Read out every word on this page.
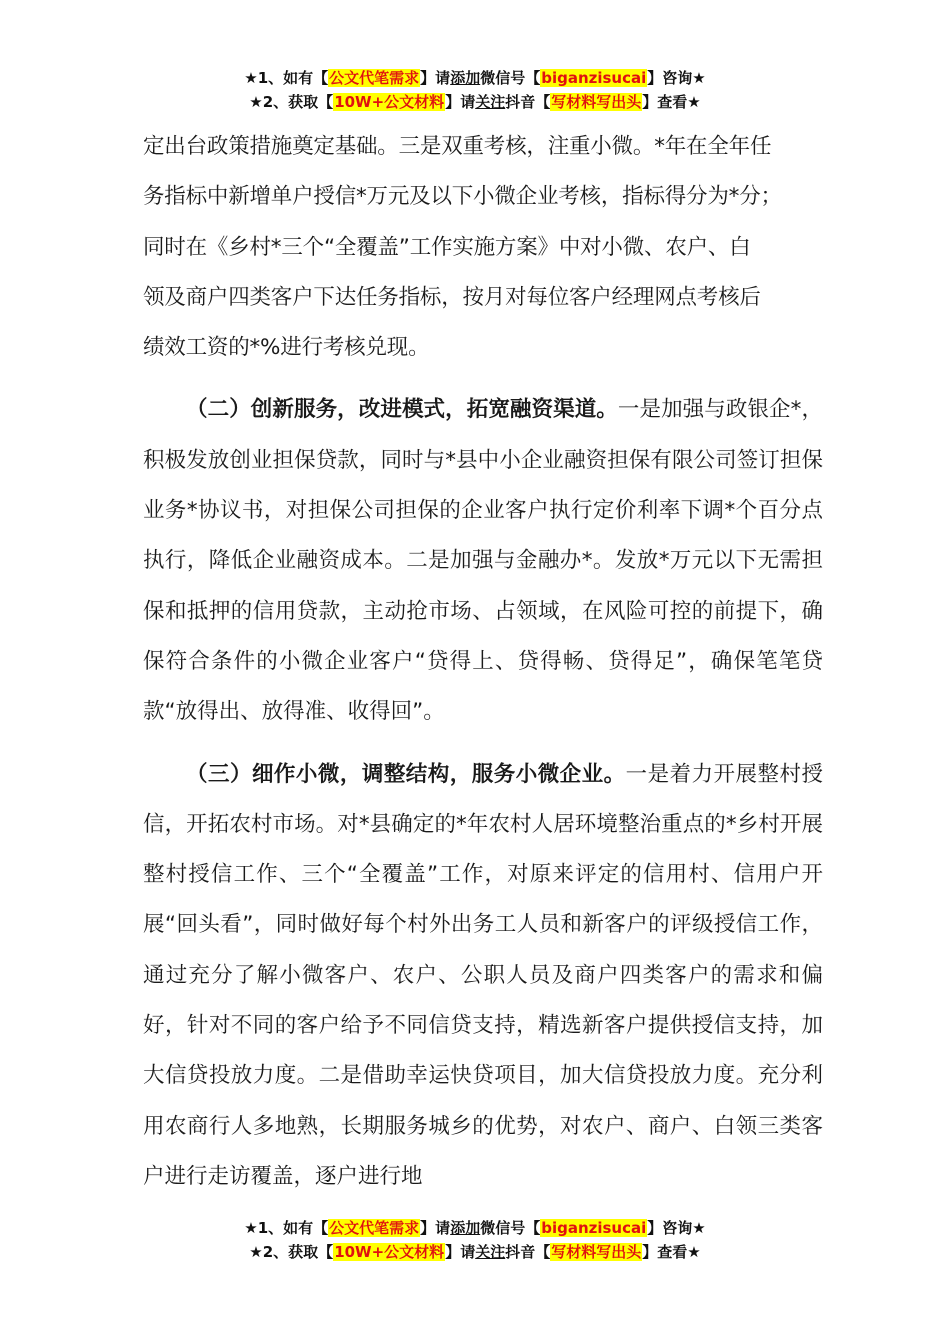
★1、如有【公文代笔需求】请添加微信号【biganzisucai】咨询★
★2、获取【10W+公文材料】请关注抖音【写材料写出头】查看★

定出台政策措施奠定基础。三是双重考核，注重小微。*年在全年任
务指标中新增单户授信*万元及以下小微企业考核，指标得分为*分；
同时在《乡村*三个“全覆盖”工作实施方案》中对小微、农户、白
领及商户四类客户下达任务指标，按月对每位客户经理网点考核后
绩效工资的*%进行考核兑现。

（二）创新服务，改进模式，拓宽融资渠道。一是加强与政银企*，积极发放创业担保贷款，同时与*县中小企业融资担保有限公司签订担保业务*协议书，对担保公司担保的企业客户执行定价利率下调*个百分点执行，降低企业融资成本。二是加强与金融办*。发放*万元以下无需担保和抵押的信用贷款，主动抢市场、占领域，在风险可控的前提下，确保符合条件的小微企业客户“贷得上、贷得畅、贷得足”，确保笔笔贷款“放得出、放得准、收得回”。

（三）细作小微，调整结构，服务小微企业。一是着力开展整村授信，开拓农村市场。对*县确定的*年农村人居环境整治重点的*乡村开展整村授信工作、三个“全覆盖”工作，对原来评定的信用村、信用户开展“回头看”，同时做好每个村外出务工人员和新客户的评级授信工作，通过充分了解小微客户、农户、公职人员及商户四类客户的需求和偏好，针对不同的客户给予不同信贷支持，精选新客户提供授信支持，加大信贷投放力度。二是借助幸运快贷项目，加大信贷投放力度。充分利用农商行人多地熟，长期服务城乡的优势，对农户、商户、白领三类客户进行走访覆盖，逐户进行地

★1、如有【公文代笔需求】请添加微信号【biganzisucai】咨询★
★2、获取【10W+公文材料】请关注抖音【写材料写出头】查看★
